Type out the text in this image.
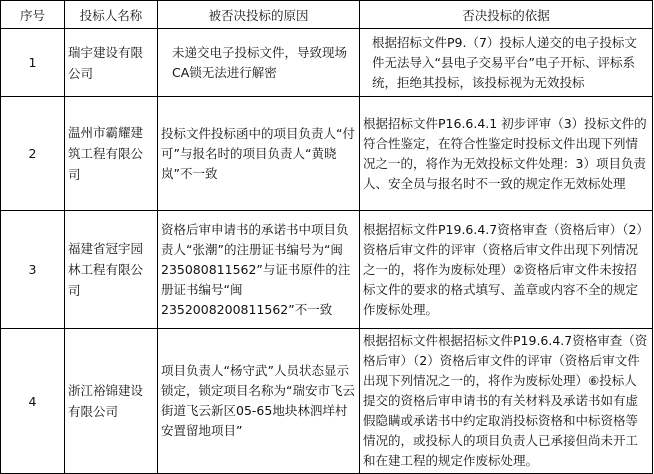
序号	投标人名称	被否决投标的原因	否决投标的依据
1	瑞宇建设有限公司	未递交电子投标文件，导致现场CA锁无法进行解密	根据招标文件P9.（7）投标人递交的电子投标文件无法导入“县电子交易平台”电子开标、评标系统，拒绝其投标，该投标视为无效投标
2	温州市霸耀建筑工程有限公司	投标文件投标函中的项目负责人“付可”与报名时的项目负责人“黄晓岚”不一致	根据招标文件P16.6.4.1 初步评审（3）投标文件的符合性鉴定，在符合性鉴定时投标文件出现下列情况之一的，将作为无效投标文件处理：3）项目负责人、安全员与报名时不一致的规定作无效标处理
3	福建省冠宇园林工程有限公司	资格后审申请书的承诺书中项目负责人“张潮”的注册证书编号为“闽 235080811562”与证书原件的注册证书编号“闽 2352008200811562”不一致	根据招标文件P19.6.4.7资格审查（资格后审）（2）资格后审文件的评审（资格后审文件出现下列情况之一的，将作为废标处理）②资格后审文件未按招标文件的要求的格式填写、盖章或内容不全的规定作废标处理。
4	浙江裕锦建设有限公司	项目负责人“杨守武”人员状态显示锁定，锁定项目名称为“瑞安市飞云街道飞云新区05-65地块林泗垟村安置留地项目”	根据招标文件根据招标文件P19.6.4.7资格审查（资格后审）（2）资格后审文件的评审（资格后审文件出现下列情况之一的，将作为废标处理）⑥投标人提交的资格后审申请书的有关材料及承诺书如有虚假隐瞒或承诺书中约定取消投标资格和中标资格等情况的，或投标人的项目负责人已承接但尚未开工和在建工程的规定作废标处理。
